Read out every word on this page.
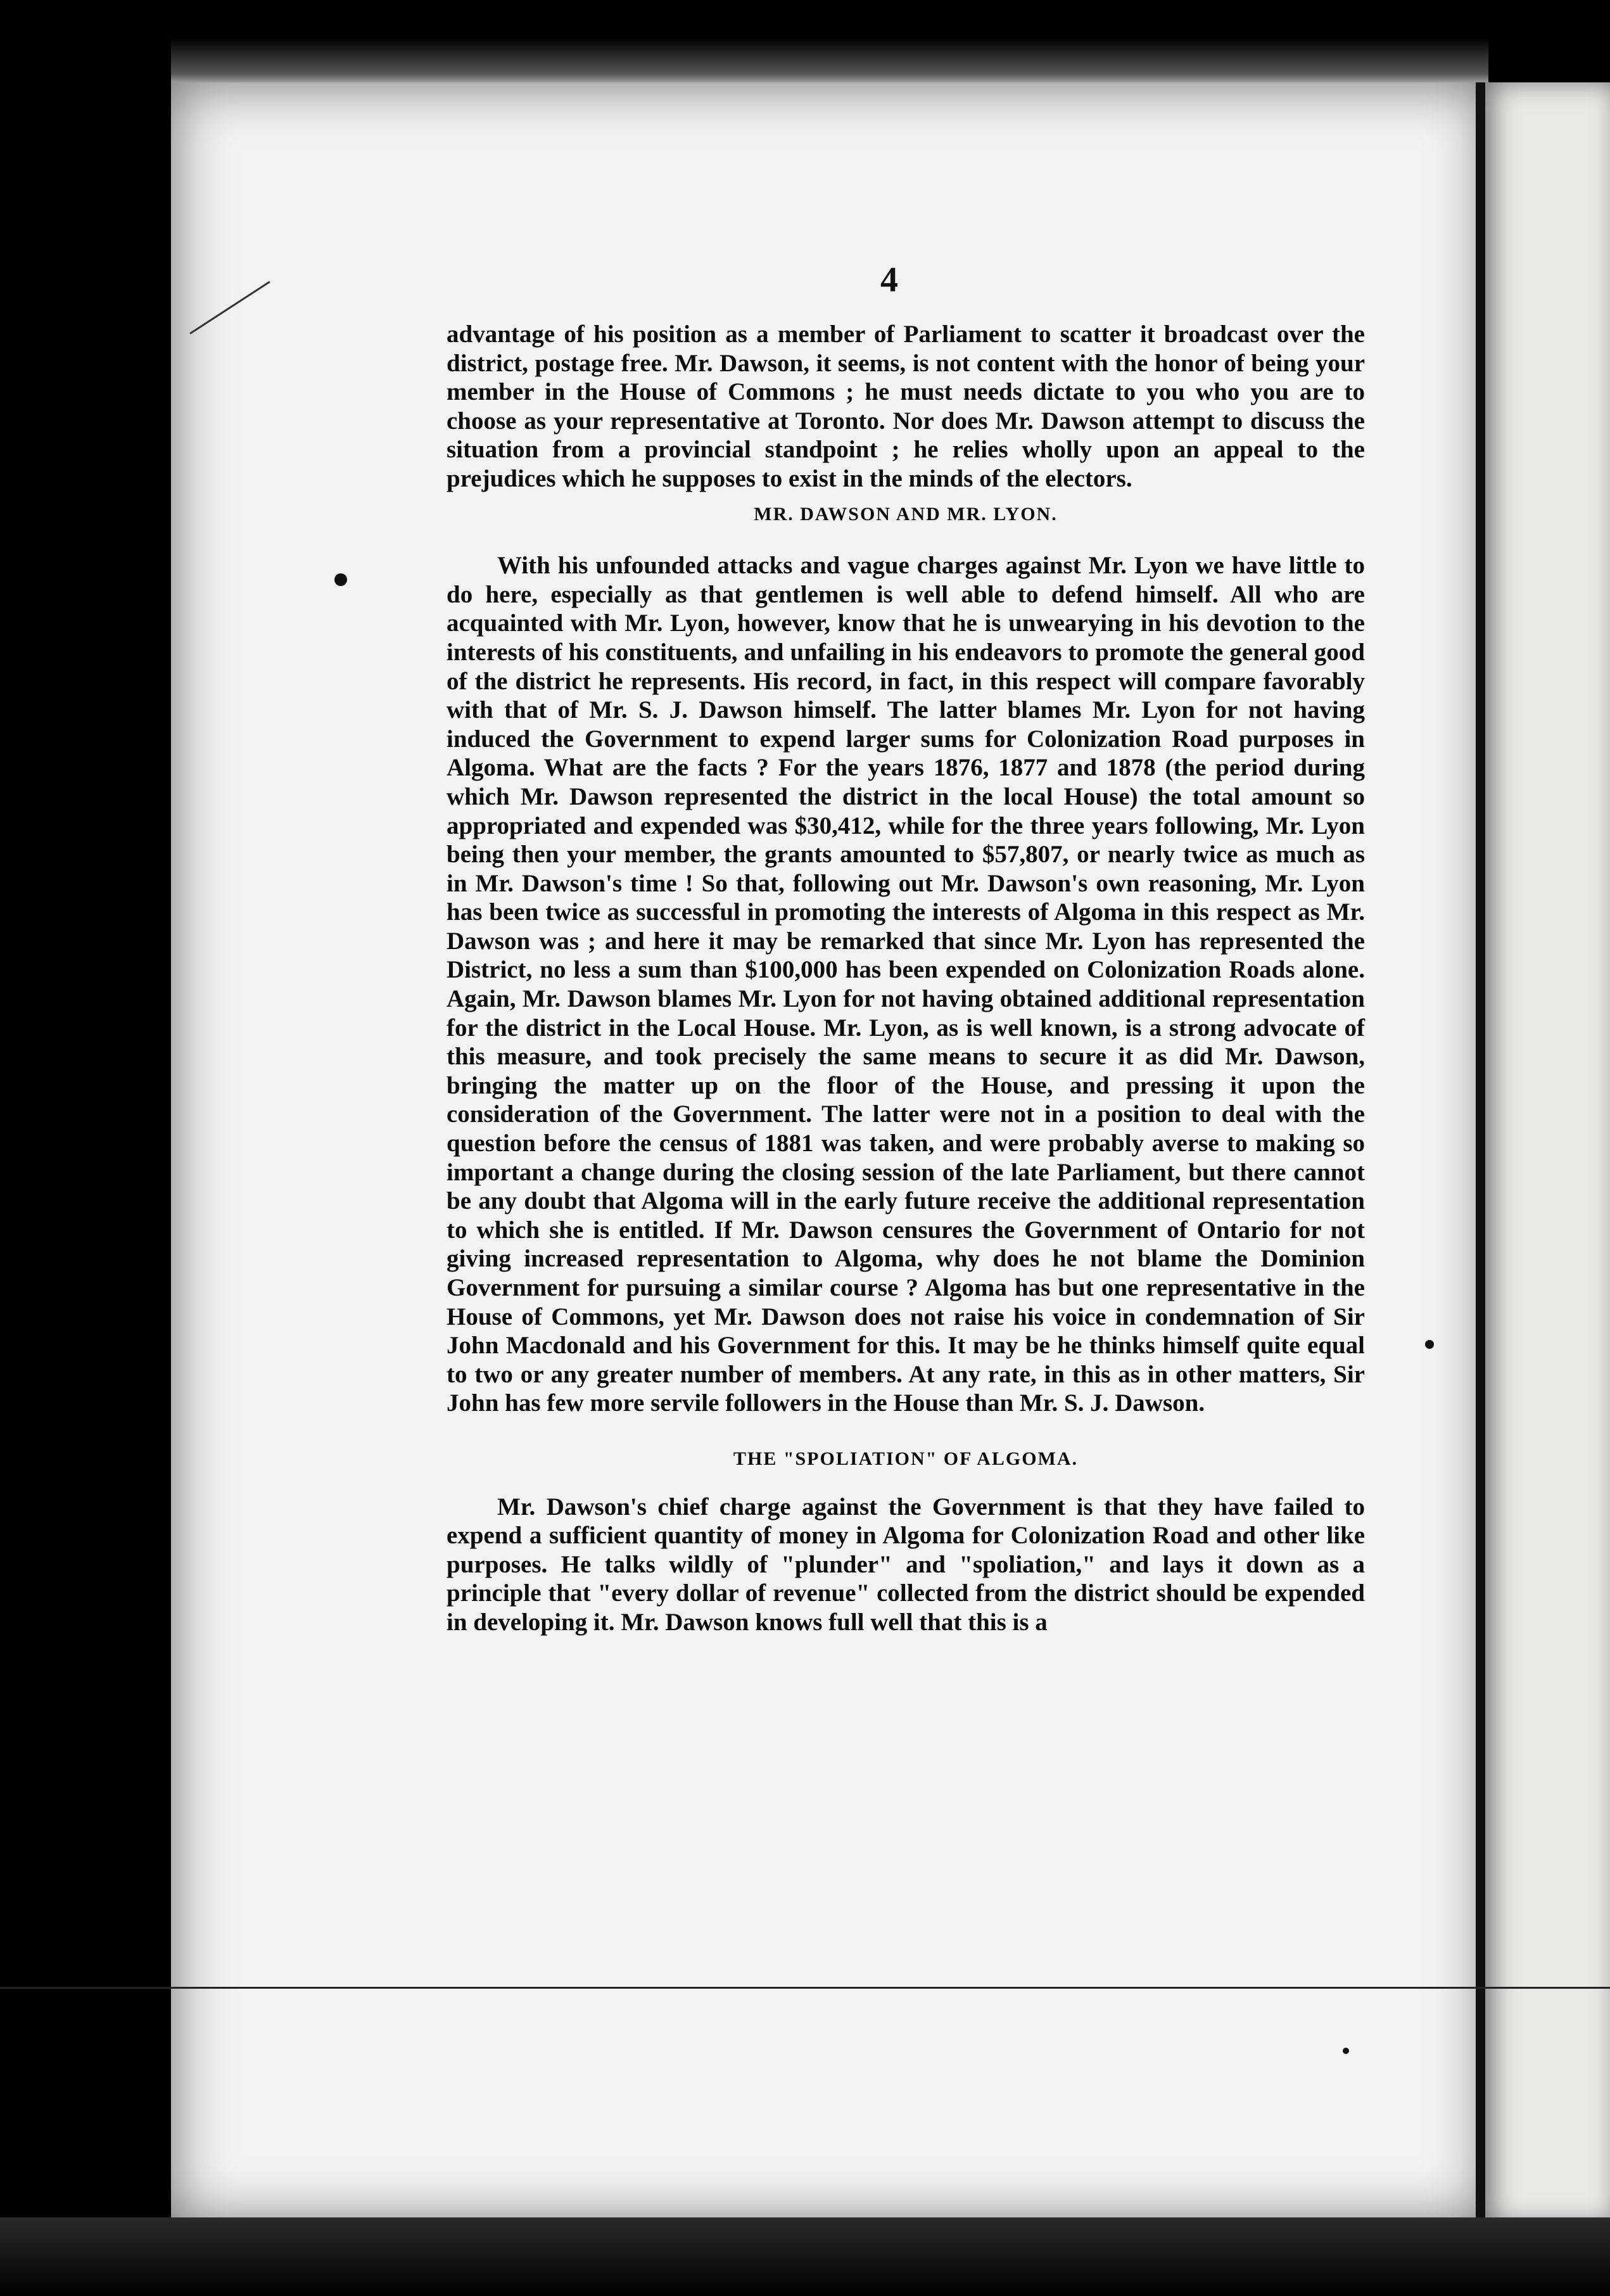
4

advantage of his position as a member of Parliament to scatter it broadcast over the district, postage free. Mr. Dawson, it seems, is not content with the honor of being your member in the House of Commons ; he must needs dictate to you who you are to choose as your representative at Toronto. Nor does Mr. Dawson attempt to discuss the situation from a provincial standpoint ; he relies wholly upon an appeal to the prejudices which he supposes to exist in the minds of the electors.

MR. DAWSON AND MR. LYON.

With his unfounded attacks and vague charges against Mr. Lyon we have little to do here, especially as that gentlemen is well able to defend himself. All who are acquainted with Mr. Lyon, however, know that he is unwearying in his devotion to the interests of his constituents, and unfailing in his endeavors to promote the general good of the district he represents. His record, in fact, in this respect will compare favorably with that of Mr. S. J. Dawson himself. The latter blames Mr. Lyon for not having induced the Government to expend larger sums for Colonization Road purposes in Algoma. What are the facts ? For the years 1876, 1877 and 1878 (the period during which Mr. Dawson represented the district in the local House) the total amount so appropriated and expended was $30,412, while for the three years following, Mr. Lyon being then your member, the grants amounted to $57,807, or nearly twice as much as in Mr. Dawson's time ! So that, following out Mr. Dawson's own reasoning, Mr. Lyon has been twice as successful in promoting the interests of Algoma in this respect as Mr. Dawson was ; and here it may be remarked that since Mr. Lyon has represented the District, no less a sum than $100,000 has been expended on Colonization Roads alone. Again, Mr. Dawson blames Mr. Lyon for not having obtained additional representation for the district in the Local House. Mr. Lyon, as is well known, is a strong advocate of this measure, and took precisely the same means to secure it as did Mr. Dawson, bringing the matter up on the floor of the House, and pressing it upon the consideration of the Government. The latter were not in a position to deal with the question before the census of 1881 was taken, and were probably averse to making so important a change during the closing session of the late Parliament, but there cannot be any doubt that Algoma will in the early future receive the additional representation to which she is entitled. If Mr. Dawson censures the Government of Ontario for not giving increased representation to Algoma, why does he not blame the Dominion Government for pursuing a similar course ? Algoma has but one representative in the House of Commons, yet Mr. Dawson does not raise his voice in condemnation of Sir John Macdonald and his Government for this. It may be he thinks himself quite equal to two or any greater number of members. At any rate, in this as in other matters, Sir John has few more servile followers in the House than Mr. S. J. Dawson.

THE "SPOLIATION" OF ALGOMA.

Mr. Dawson's chief charge against the Government is that they have failed to expend a sufficient quantity of money in Algoma for Colonization Road and other like purposes. He talks wildly of "plunder" and "spoliation," and lays it down as a principle that "every dollar of revenue" collected from the district should be expended in developing it. Mr. Dawson knows full well that this is a
